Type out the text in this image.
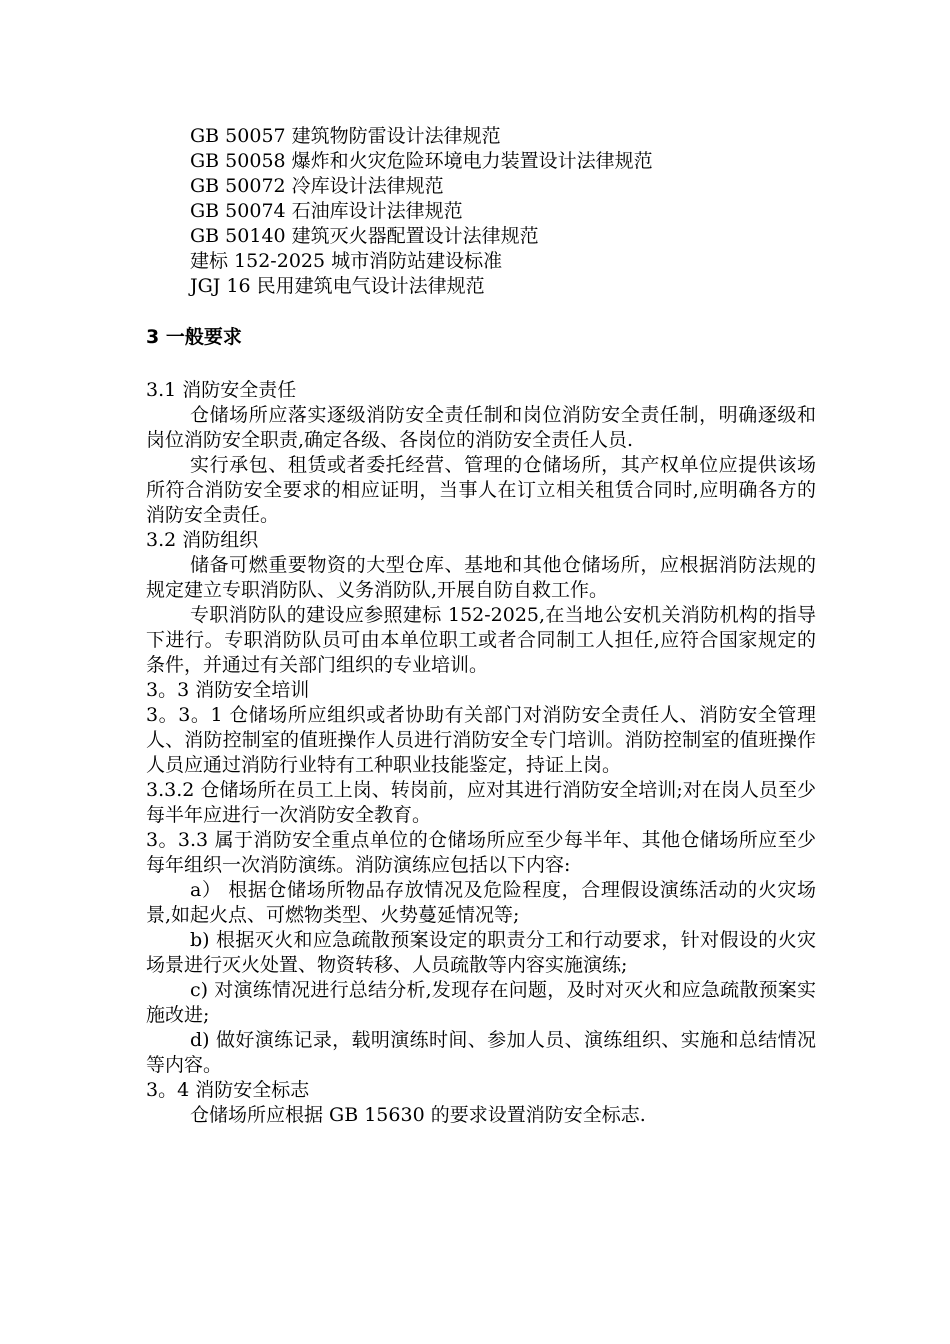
GB 50057 建筑物防雷设计法律规范
GB 50058 爆炸和火灾危险环境电力装置设计法律规范
GB 50072 冷库设计法律规范
GB 50074 石油库设计法律规范
GB 50140 建筑灭火器配置设计法律规范
建标 152-2025 城市消防站建设标准
JGJ 16 民用建筑电气设计法律规范
3 一般要求
3.1 消防安全责任
仓储场所应落实逐级消防安全责任制和岗位消防安全责任制，明确逐级和岗位消防安全职责,确定各级、各岗位的消防安全责任人员.
实行承包、租赁或者委托经营、管理的仓储场所，其产权单位应提供该场所符合消防安全要求的相应证明，当事人在订立相关租赁合同时,应明确各方的消防安全责任。
3.2 消防组织
储备可燃重要物资的大型仓库、基地和其他仓储场所，应根据消防法规的规定建立专职消防队、义务消防队,开展自防自救工作。
专职消防队的建设应参照建标 152-2025,在当地公安机关消防机构的指导下进行。专职消防队员可由本单位职工或者合同制工人担任,应符合国家规定的条件，并通过有关部门组织的专业培训。
3。3 消防安全培训
3。3。1 仓储场所应组织或者协助有关部门对消防安全责任人、消防安全管理人、消防控制室的值班操作人员进行消防安全专门培训。消防控制室的值班操作人员应通过消防行业特有工种职业技能鉴定，持证上岗。
3.3.2 仓储场所在员工上岗、转岗前，应对其进行消防安全培训;对在岗人员至少每半年应进行一次消防安全教育。
3。3.3 属于消防安全重点单位的仓储场所应至少每半年、其他仓储场所应至少每年组织一次消防演练。消防演练应包括以下内容:
a） 根据仓储场所物品存放情况及危险程度，合理假设演练活动的火灾场景,如起火点、可燃物类型、火势蔓延情况等;
b) 根据灭火和应急疏散预案设定的职责分工和行动要求，针对假设的火灾场景进行灭火处置、物资转移、人员疏散等内容实施演练;
c) 对演练情况进行总结分析,发现存在问题，及时对灭火和应急疏散预案实施改进;
d) 做好演练记录，载明演练时间、参加人员、演练组织、实施和总结情况等内容。
3。4 消防安全标志
仓储场所应根据 GB 15630 的要求设置消防安全标志.
